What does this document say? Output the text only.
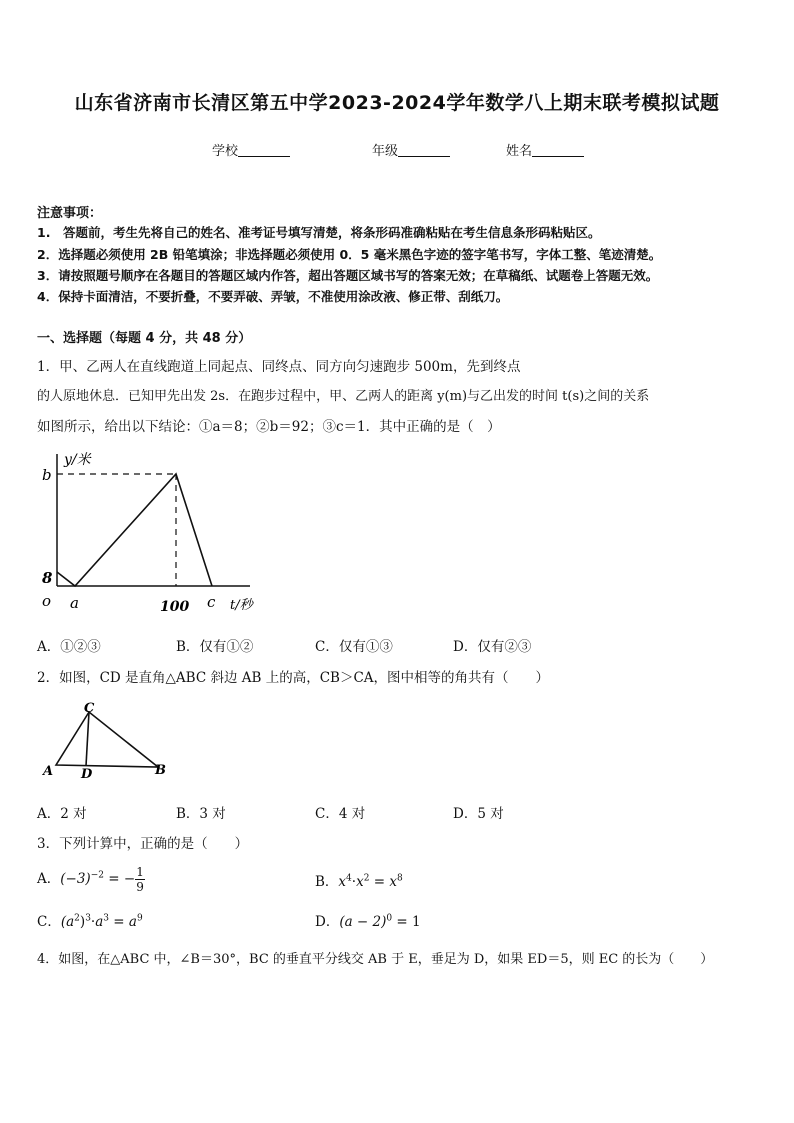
山东省济南市长清区第五中学2023-2024学年数学八上期末联考模拟试题
学校	年级	姓名
注意事项：
1.　答题前，考生先将自己的姓名、准考证号填写清楚，将条形码准确粘贴在考生信息条形码粘贴区。
2．选择题必须使用 2B 铅笔填涂；非选择题必须使用 0．5 毫米黑色字迹的签字笔书写，字体工整、笔迹清楚。
3．请按照题号顺序在各题目的答题区域内作答，超出答题区域书写的答案无效；在草稿纸、试题卷上答题无效。
4．保持卡面清洁，不要折叠，不要弄破、弄皱，不准使用涂改液、修正带、刮纸刀。
一、选择题（每题 4 分，共 48 分）
1．甲、乙两人在直线跑道上同起点、同终点、同方向匀速跑步 500m，先到终点
的人原地休息．已知甲先出发 2s．在跑步过程中，甲、乙两人的距离 y(m)与乙出发的时间 t(s)之间的关系
如图所示，给出以下结论：①a＝8；②b＝92；③c＝1．其中正确的是（　）
y/米
b
8
o a	100 c t/秒
A．①②③	B．仅有①②	C．仅有①③	D．仅有②③
2．如图，CD 是直角△ABC 斜边 AB 上的高，CB＞CA，图中相等的角共有（　　）
C
A D	B
A．2 对	B．3 对	C．4 对	D．5 对
3．下列计算中，正确的是（　　）
A．$(-3)^{-2}$ = − $\frac{1}{9}$	B．$x^4\cdot x^2 = x^8$
C．$(a^2)^3\cdot a^3 = a^9$	D．$(a - 2)^0 = 1$
4．如图，在△ABC 中，∠B＝30°，BC 的垂直平分线交 AB 于 E，垂足为 D，如果 ED＝5，则 EC 的长为（　　）
